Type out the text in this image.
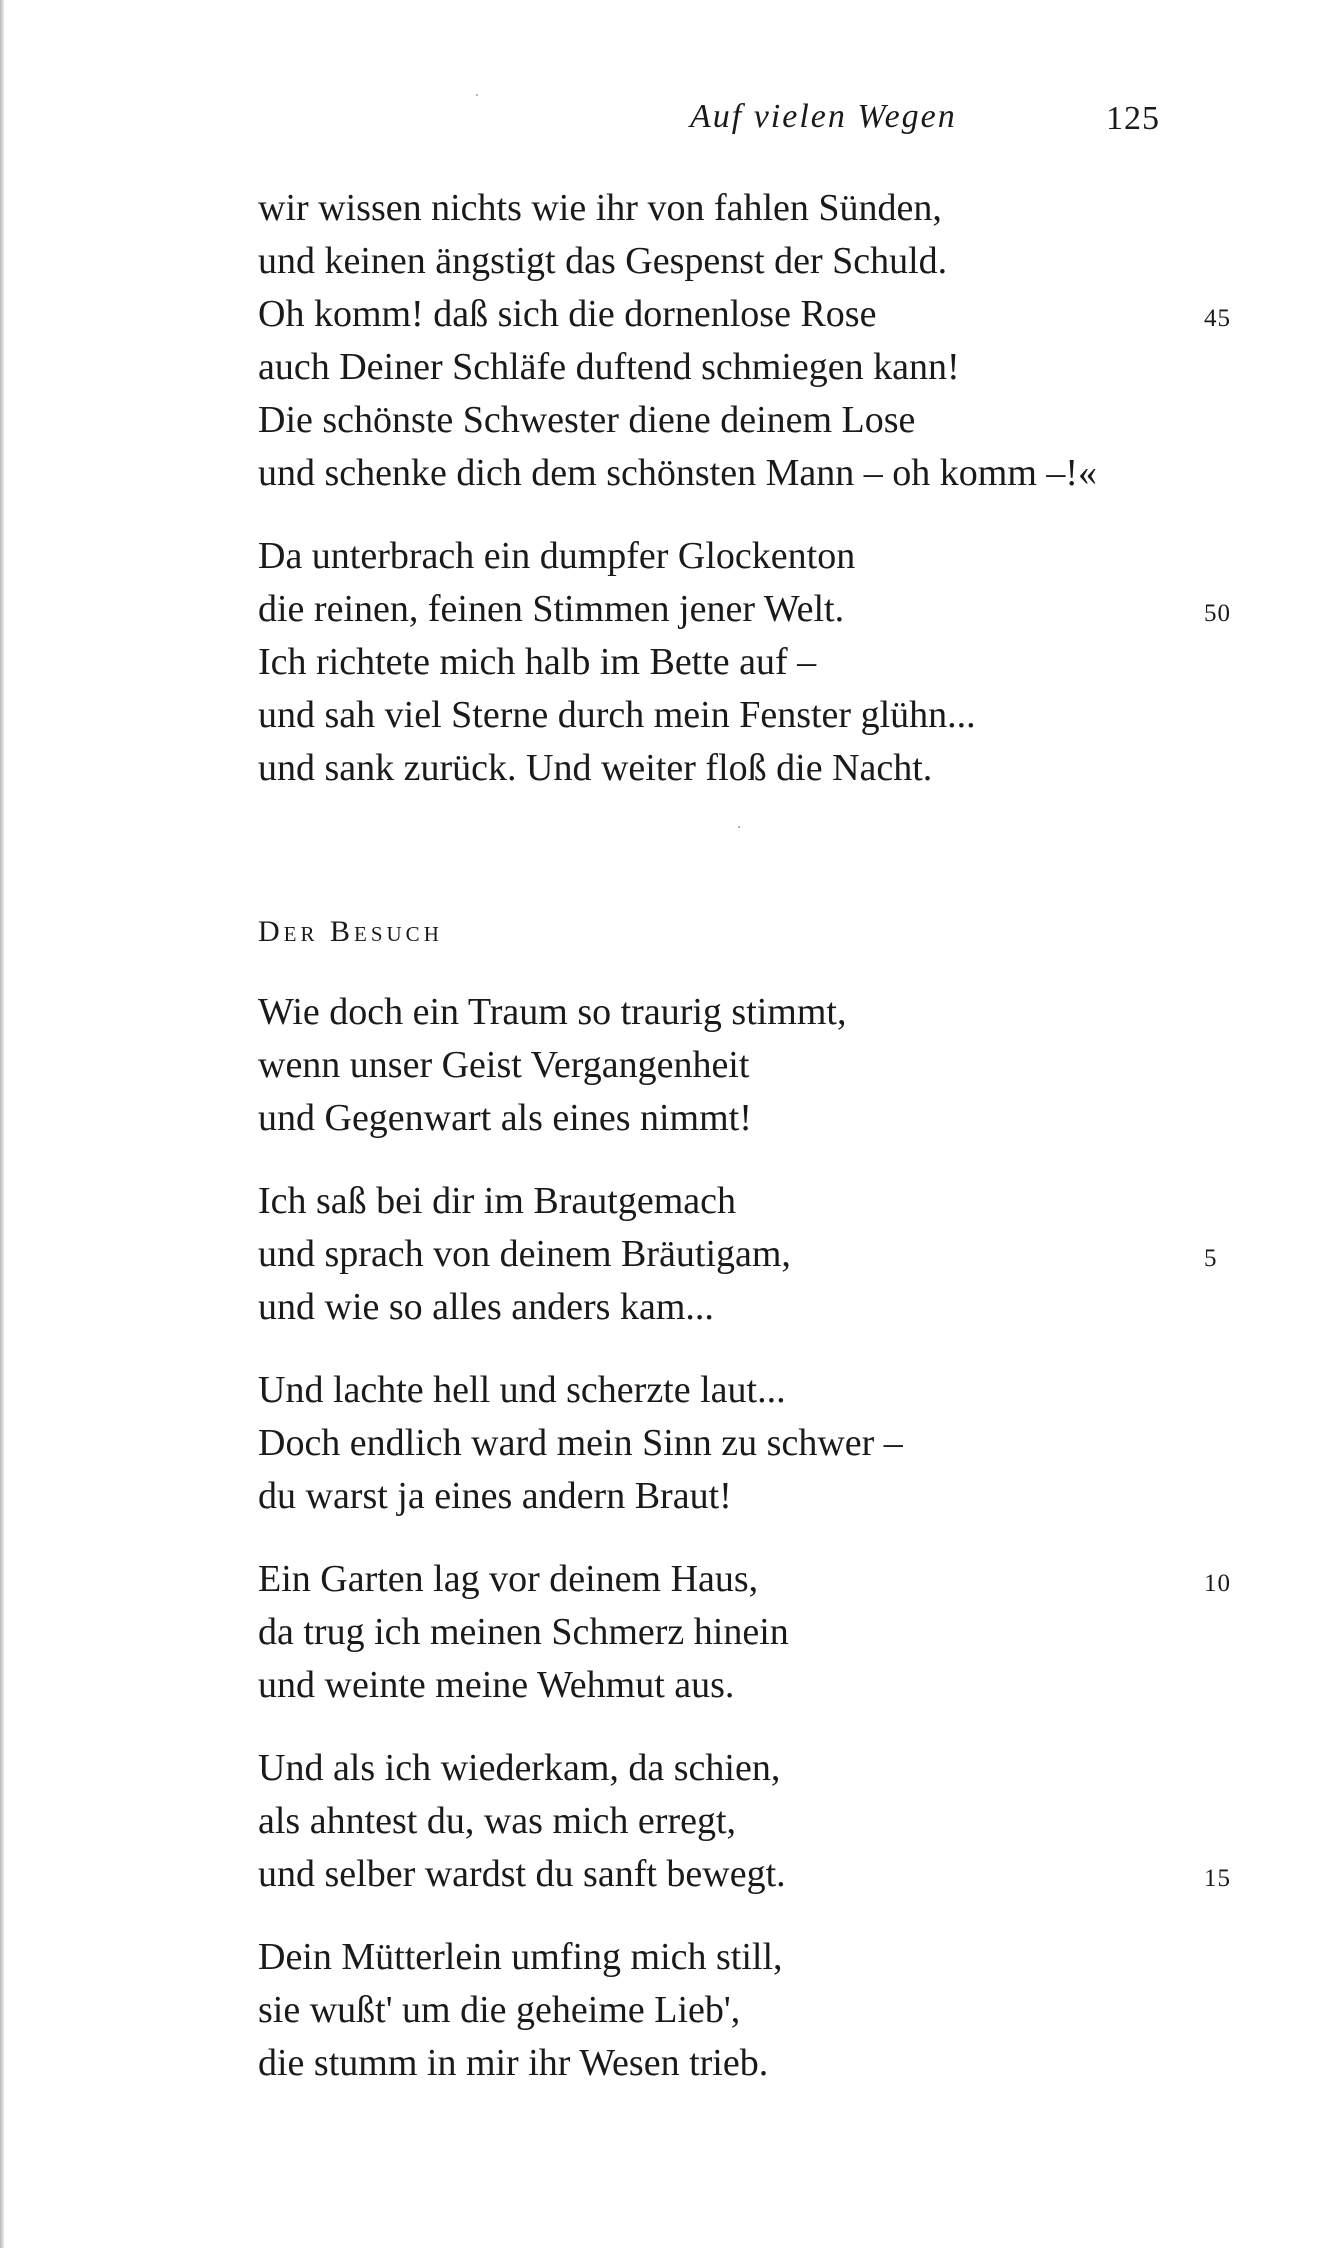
Auf vielen Wegen	125
wir wissen nichts wie ihr von fahlen Sünden,
und keinen ängstigt das Gespenst der Schuld.
Oh komm! daß sich die dornenlose Rose	45
auch Deiner Schläfe duftend schmiegen kann!
Die schönste Schwester diene deinem Lose
und schenke dich dem schönsten Mann – oh komm –!«
Da unterbrach ein dumpfer Glockenton
die reinen, feinen Stimmen jener Welt.	50
Ich richtete mich halb im Bette auf –
und sah viel Sterne durch mein Fenster glühn...
und sank zurück. Und weiter floß die Nacht.
Der Besuch
Wie doch ein Traum so traurig stimmt,
wenn unser Geist Vergangenheit
und Gegenwart als eines nimmt!
Ich saß bei dir im Brautgemach
und sprach von deinem Bräutigam,	5
und wie so alles anders kam...
Und lachte hell und scherzte laut...
Doch endlich ward mein Sinn zu schwer –
du warst ja eines andern Braut!
Ein Garten lag vor deinem Haus,	10
da trug ich meinen Schmerz hinein
und weinte meine Wehmut aus.
Und als ich wiederkam, da schien,
als ahntest du, was mich erregt,
und selber wardst du sanft bewegt.	15
Dein Mütterlein umfing mich still,
sie wußt' um die geheime Lieb',
die stumm in mir ihr Wesen trieb.
